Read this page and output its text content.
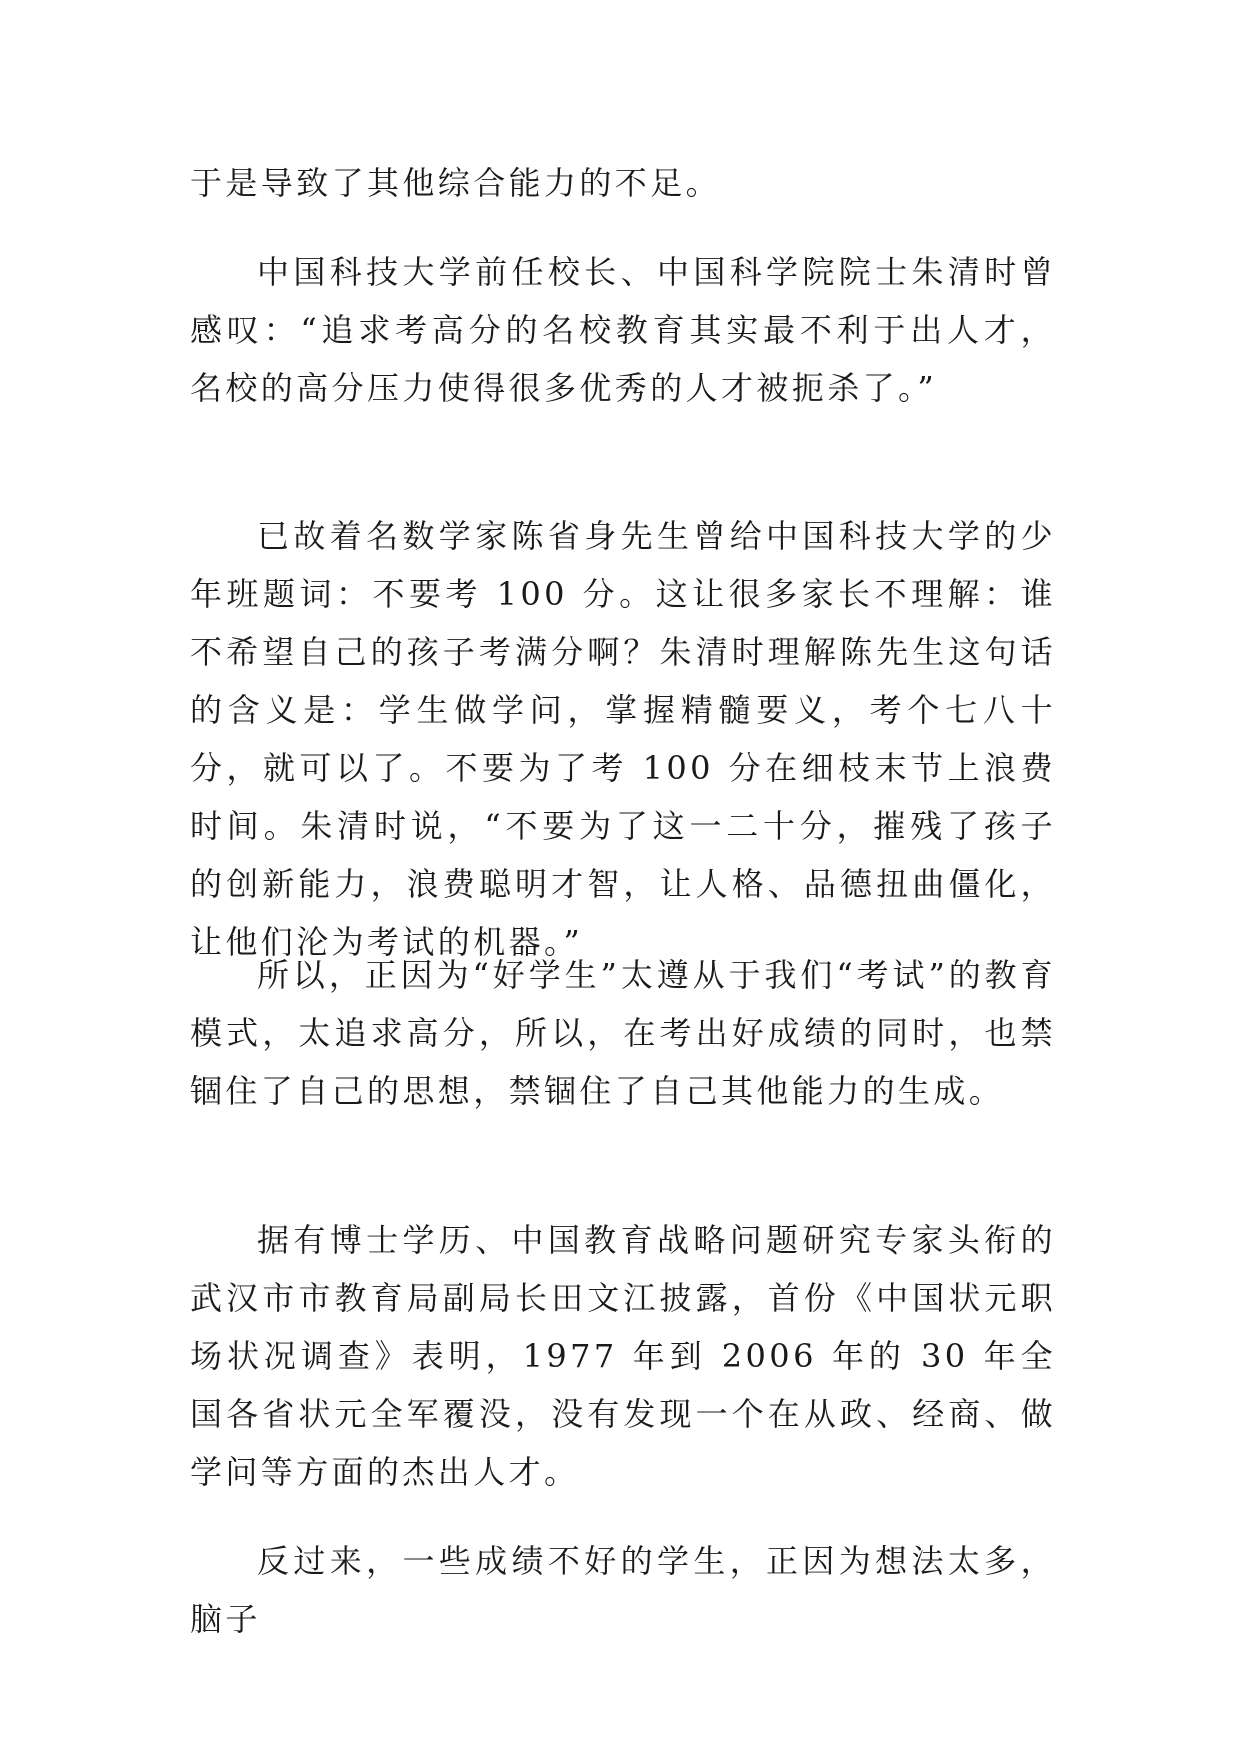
于是导致了其他综合能力的不足。

中国科技大学前任校长、中国科学院院士朱清时曾感叹：“追求考高分的名校教育其实最不利于出人才，名校的高分压力使得很多优秀的人才被扼杀了。”

已故着名数学家陈省身先生曾给中国科技大学的少年班题词：不要考 100 分。这让很多家长不理解：谁不希望自己的孩子考满分啊？朱清时理解陈先生这句话的含义是：学生做学问，掌握精髓要义，考个七八十分，就可以了。不要为了考 100 分在细枝末节上浪费时间。朱清时说，“不要为了这一二十分，摧残了孩子的创新能力，浪费聪明才智，让人格、品德扭曲僵化，让他们沦为考试的机器。”

所以，正因为“好学生”太遵从于我们“考试”的教育模式，太追求高分，所以，在考出好成绩的同时，也禁锢住了自己的思想，禁锢住了自己其他能力的生成。

据有博士学历、中国教育战略问题研究专家头衔的武汉市市教育局副局长田文江披露，首份《中国状元职场状况调查》表明，1977 年到 2006 年的 30 年全国各省状元全军覆没，没有发现一个在从政、经商、做学问等方面的杰出人才。

反过来，一些成绩不好的学生，正因为想法太多，脑子
